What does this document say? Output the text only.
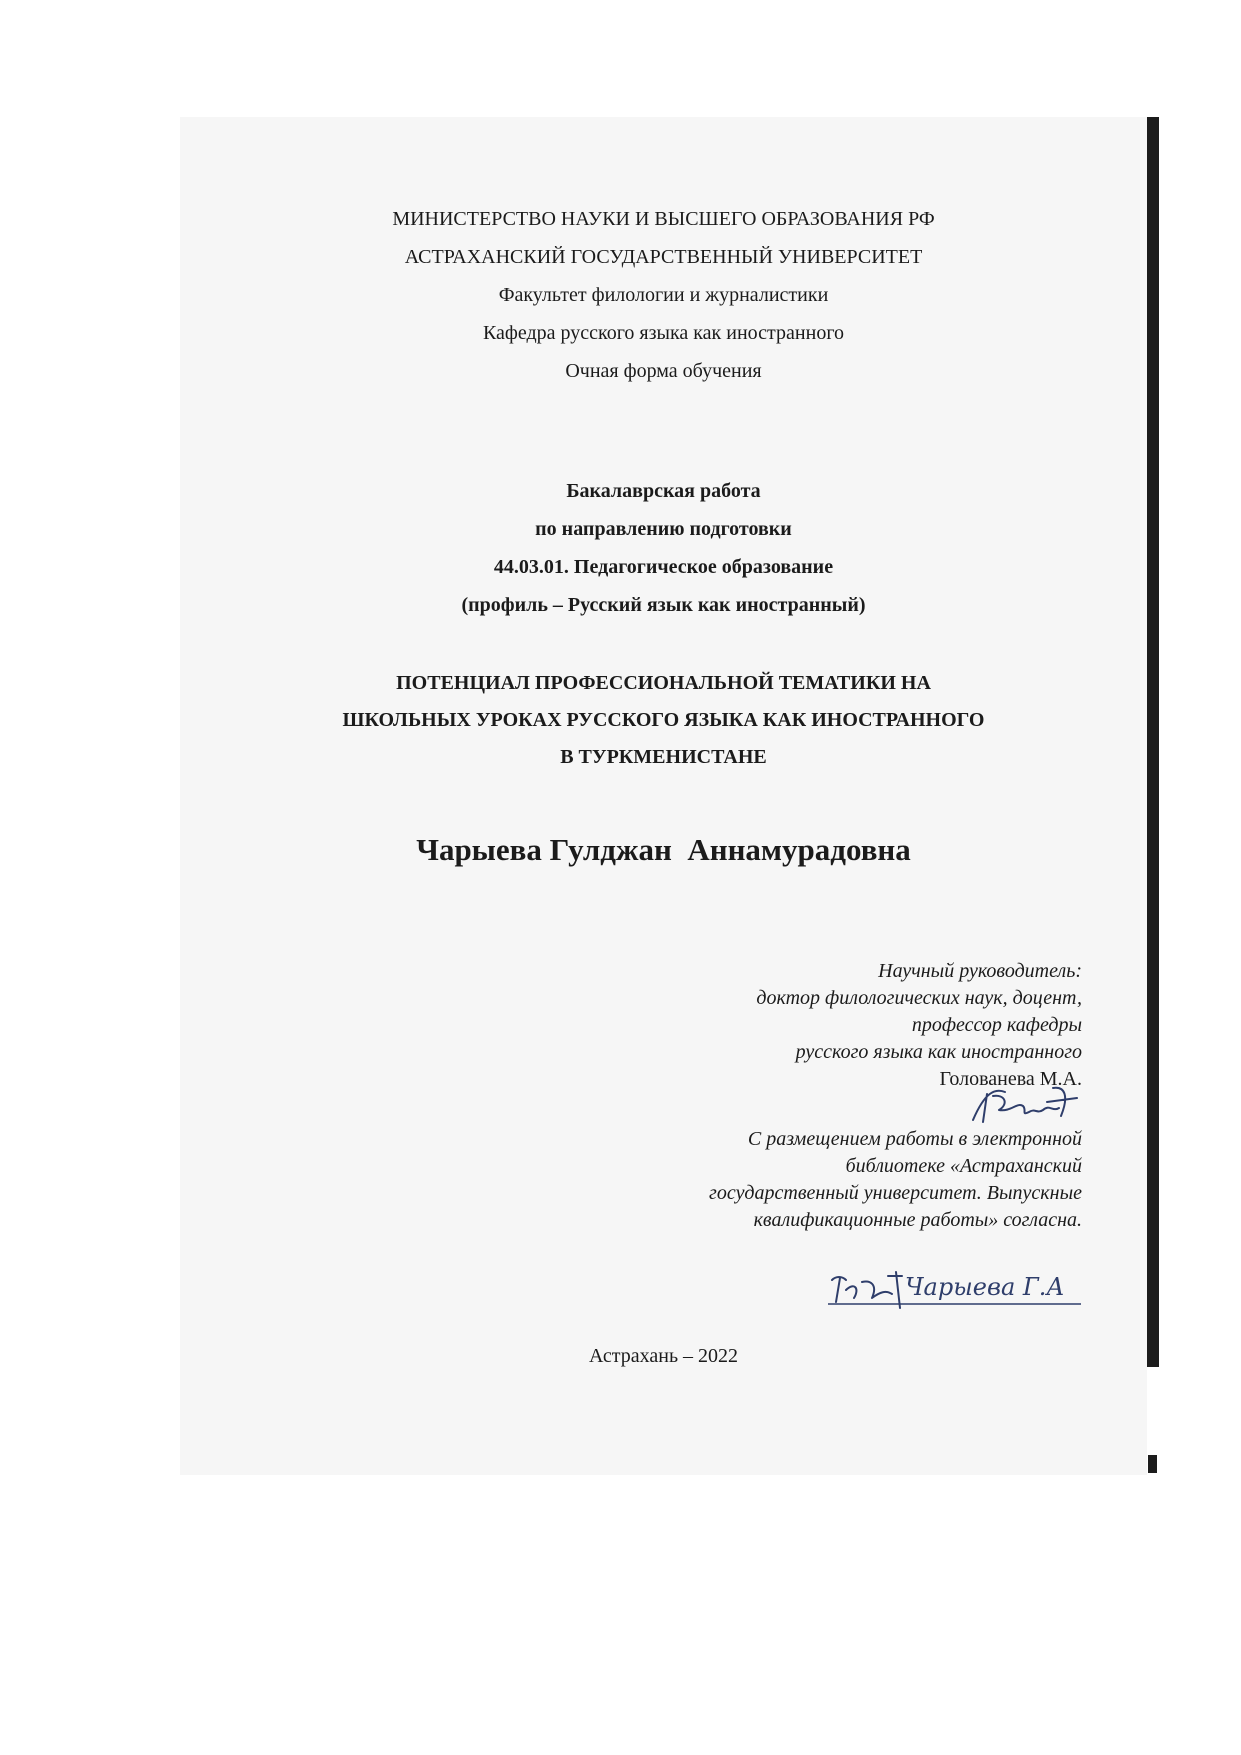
МИНИСТЕРСТВО НАУКИ И ВЫСШЕГО ОБРАЗОВАНИЯ РФ
АСТРАХАНСКИЙ ГОСУДАРСТВЕННЫЙ УНИВЕРСИТЕТ
Факультет филологии и журналистики
Кафедра русского языка как иностранного
Очная форма обучения
Бакалаврская работа
по направлению подготовки
44.03.01. Педагогическое образование
(профиль – Русский язык как иностранный)
ПОТЕНЦИАЛ ПРОФЕССИОНАЛЬНОЙ ТЕМАТИКИ НА
ШКОЛЬНЫХ УРОКАХ РУССКОГО ЯЗЫКА КАК ИНОСТРАННОГО
В ТУРКМЕНИСТАНЕ
Чарыева Гулджан  Аннамурадовна
Научный руководитель:
доктор филологических наук, доцент,
профессор кафедры
русского языка как иностранного
Голованева М.А.
С размещением работы в электронной
библиотеке «Астраханский
государственный университет. Выпускные
квалификационные работы» согласна.
Чарыева Г.А
Астрахань – 2022
